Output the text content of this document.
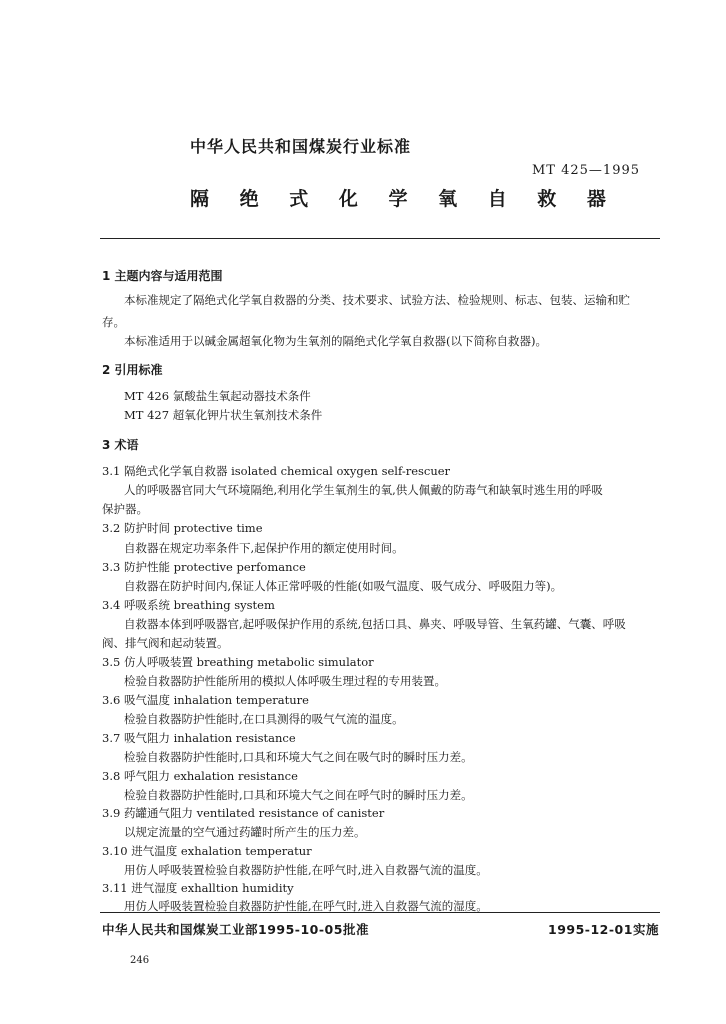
中华人民共和国煤炭行业标准
MT 425—1995
隔 绝 式 化 学 氧 自 救 器
1 主题内容与适用范围
本标准规定了隔绝式化学氧自救器的分类、技术要求、试验方法、检验规则、标志、包装、运输和贮
存。
本标准适用于以碱金属超氧化物为生氧剂的隔绝式化学氧自救器(以下简称自救器)。
2 引用标准
MT 426 氯酸盐生氧起动器技术条件
MT 427 超氧化钾片状生氧剂技术条件
3 术语
3.1 隔绝式化学氧自救器 isolated chemical oxygen self-rescuer
人的呼吸器官同大气环境隔绝,利用化学生氧剂生的氧,供人佩戴的防毒气和缺氧时逃生用的呼吸
保护器。
3.2 防护时间 protective time
自救器在规定功率条件下,起保护作用的额定使用时间。
3.3 防护性能 protective perfomance
自救器在防护时间内,保证人体正常呼吸的性能(如吸气温度、吸气成分、呼吸阻力等)。
3.4 呼吸系统 breathing system
自救器本体到呼吸器官,起呼吸保护作用的系统,包括口具、鼻夹、呼吸导管、生氧药罐、气囊、呼吸
阀、排气阀和起动装置。
3.5 仿人呼吸装置 breathing metabolic simulator
检验自救器防护性能所用的模拟人体呼吸生理过程的专用装置。
3.6 吸气温度 inhalation temperature
检验自救器防护性能时,在口具测得的吸气气流的温度。
3.7 吸气阻力 inhalation resistance
检验自救器防护性能时,口具和环境大气之间在吸气时的瞬时压力差。
3.8 呼气阻力 exhalation resistance
检验自救器防护性能时,口具和环境大气之间在呼气时的瞬时压力差。
3.9 药罐通气阻力 ventilated resistance of canister
以规定流量的空气通过药罐时所产生的压力差。
3.10 进气温度 exhalation temperatur
用仿人呼吸装置检验自救器防护性能,在呼气时,进入自救器气流的温度。
3.11 进气湿度 exhalltion humidity
用仿人呼吸装置检验自救器防护性能,在呼气时,进入自救器气流的湿度。
中华人民共和国煤炭工业部1995-10-05批准	1995-12-01实施
246
